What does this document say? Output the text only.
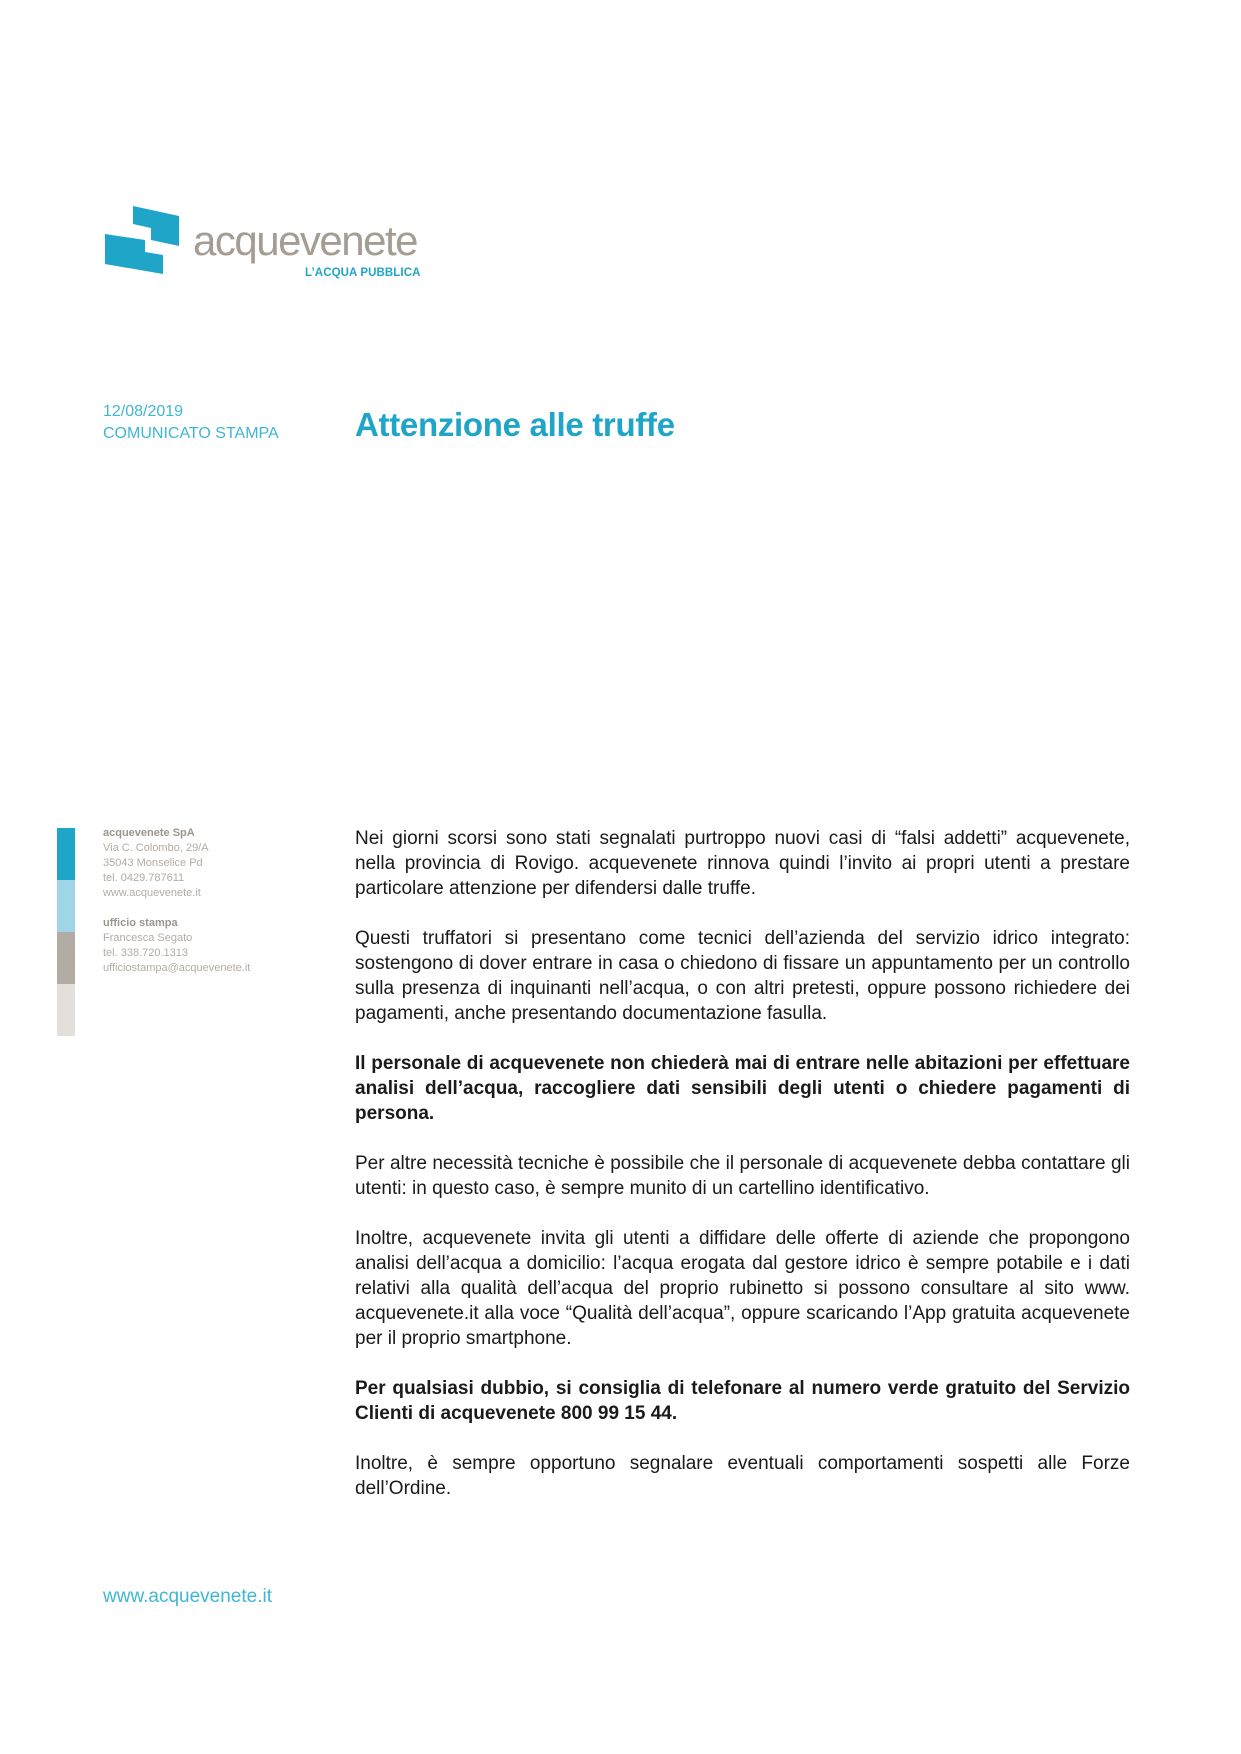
acquevenete
L’ACQUA PUBBLICA
12/08/2019
COMUNICATO STAMPA Attenzione alle truffe
acquevenete SpA
Via C. Colombo, 29/A
35043 Monselice Pd
tel. 0429.787611
www.acquevenete.it
ufficio stampa
Francesca Segato
tel. 338.720.1313
ufficiostampa@acquevenete.it

Nei giorni scorsi sono stati segnalati purtroppo nuovi casi di “falsi addetti” acquevenete, nella provincia di Rovigo. acquevenete rinnova quindi l’invito ai propri utenti a prestare particolare attenzione per difendersi dalle truffe.

Questi truffatori si presentano come tecnici dell’azienda del servizio idrico integrato: sostengono di dover entrare in casa o chiedono di fissare un appuntamento per un controllo sulla presenza di inquinanti nell’acqua, o con altri pretesti, oppure possono richiedere dei pagamenti, anche presentando documentazione fasulla.

Il personale di acquevenete non chiederà mai di entrare nelle abitazioni per effettuare analisi dell’acqua, raccogliere dati sensibili degli utenti o chiedere pagamenti di persona.

Per altre necessità tecniche è possibile che il personale di acquevenete debba contattare gli utenti: in questo caso, è sempre munito di un cartellino identificativo.

Inoltre, acquevenete invita gli utenti a diffidare delle offerte di aziende che propongono analisi dell’acqua a domicilio: l’acqua erogata dal gestore idrico è sempre potabile e i dati relativi alla qualità dell’acqua del proprio rubinetto si possono consultare al sito www. acquevenete.it alla voce “Qualità dell’acqua”, oppure scaricando l’App gratuita acquevenete per il proprio smartphone.

Per qualsiasi dubbio, si consiglia di telefonare al numero verde gratuito del Servizio Clienti di acquevenete 800 99 15 44.

Inoltre, è sempre opportuno segnalare eventuali comportamenti sospetti alle Forze dell’Ordine.

www.acquevenete.it
